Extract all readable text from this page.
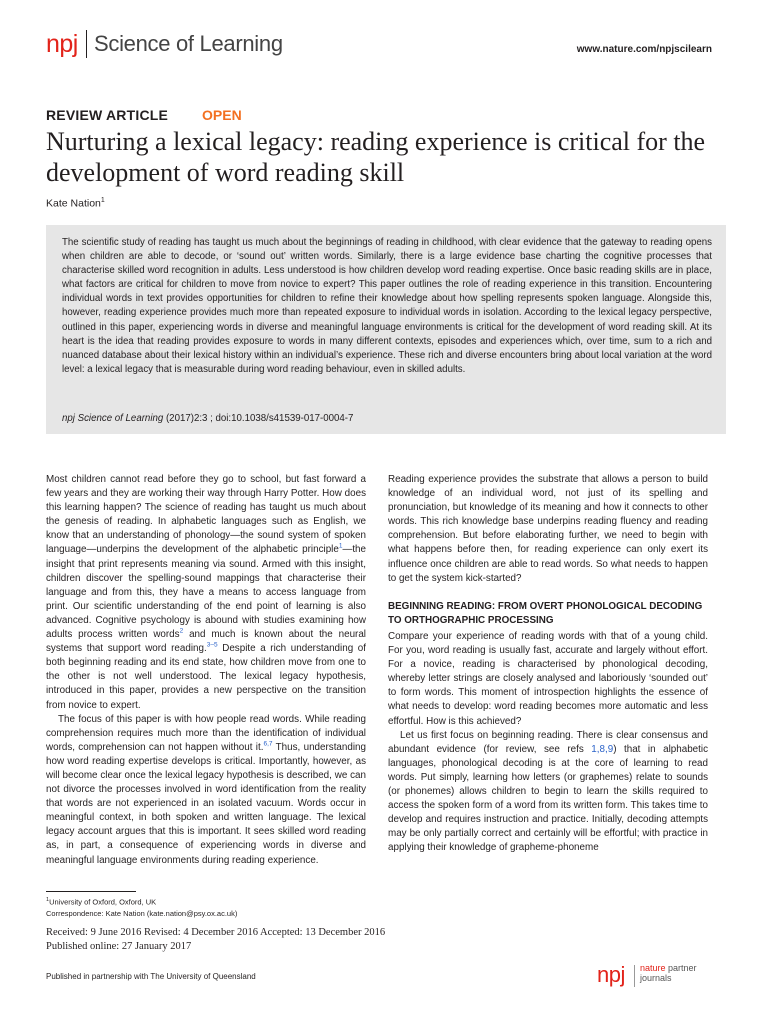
npj Science of Learning	www.nature.com/npjscilearn
REVIEW ARTICLE OPEN
Nurturing a lexical legacy: reading experience is critical for the development of word reading skill
Kate Nation$^1$

The scientific study of reading has taught us much about the beginnings of reading in childhood, with clear evidence that the gateway to reading opens when children are able to decode, or ‘sound out’ written words. Similarly, there is a large evidence base charting the cognitive processes that characterise skilled word recognition in adults. Less understood is how children develop word reading expertise. Once basic reading skills are in place, what factors are critical for children to move from novice to expert? This paper outlines the role of reading experience in this transition. Encountering individual words in text provides opportunities for children to refine their knowledge about how spelling represents spoken language. Alongside this, however, reading experience provides much more than repeated exposure to individual words in isolation. According to the lexical legacy perspective, outlined in this paper, experiencing words in diverse and meaningful language environments is critical for the development of word reading skill. At its heart is the idea that reading provides exposure to words in many different contexts, episodes and experiences which, over time, sum to a rich and nuanced database about their lexical history within an individual’s experience. These rich and diverse encounters bring about local variation at the word level: a lexical legacy that is measurable during word reading behaviour, even in skilled adults.

npj Science of Learning (2017)2:3 ; doi:10.1038/s41539-017-0004-7

Most children cannot read before they go to school, but fast forward a few years and they are working their way through Harry Potter. How does this learning happen? The science of reading has taught us much about the genesis of reading. In alphabetic languages such as English, we know that an understanding of phonology—the sound system of spoken language—underpins the development of the alphabetic principle$^1$—the insight that print represents meaning via sound. Armed with this insight, children discover the spelling-sound mappings that characterise their language and from this, they have a means to access language from print. Our scientific understanding of the end point of learning is also advanced. Cognitive psychology is abound with studies examining how adults process written words$^2$ and much is known about the neural systems that support word reading.$^{3-5}$ Despite a rich understanding of both beginning reading and its end state, how children move from one to the other is not well understood. The lexical legacy hypothesis, introduced in this paper, provides a new perspective on the transition from novice to expert.

The focus of this paper is with how people read words. While reading comprehension requires much more than the identification of individual words, comprehension can not happen without it.$^{6,7}$ Thus, understanding how word reading expertise develops is critical. Importantly, however, as will become clear once the lexical legacy hypothesis is described, we can not divorce the processes involved in word identification from the reality that words are not experienced in an isolated vacuum. Words occur in meaningful context, in both spoken and written language. The lexical legacy account argues that this is important. It sees skilled word reading as, in part, a consequence of experiencing words in diverse and meaningful language environments during reading experience.

Reading experience provides the substrate that allows a person to build knowledge of an individual word, not just of its spelling and pronunciation, but knowledge of its meaning and how it connects to other words. This rich knowledge base underpins reading fluency and reading comprehension. But before elaborating further, we need to begin with what happens before then, for reading experience can only exert its influence once children are able to read words. So what needs to happen to get the system kick-started?

BEGINNING READING: FROM OVERT PHONOLOGICAL DECODING TO ORTHOGRAPHIC PROCESSING

Compare your experience of reading words with that of a young child. For you, word reading is usually fast, accurate and largely without effort. For a novice, reading is characterised by phonological decoding, whereby letter strings are closely analysed and laboriously ‘sounded out’ to form words. This moment of introspection highlights the essence of what needs to develop: word reading becomes more automatic and less effortful. How is this achieved?

Let us first focus on beginning reading. There is clear consensus and abundant evidence (for review, see refs 1,8,9) that in alphabetic languages, phonological decoding is at the core of learning to read words. Put simply, learning how letters (or graphemes) relate to sounds (or phonemes) allows children to begin to learn the skills required to access the spoken form of a word from its written form. This takes time to develop and requires instruction and practice. Initially, decoding attempts may be only partially correct and certainly will be effortful; with practice in applying their knowledge of grapheme-phoneme

$^1$University of Oxford, Oxford, UK
Correspondence: Kate Nation (kate.nation@psy.ox.ac.uk)
Received: 9 June 2016 Revised: 4 December 2016 Accepted: 13 December 2016
Published online: 27 January 2017
Published in partnership with The University of Queensland	npj nature partner
journals
